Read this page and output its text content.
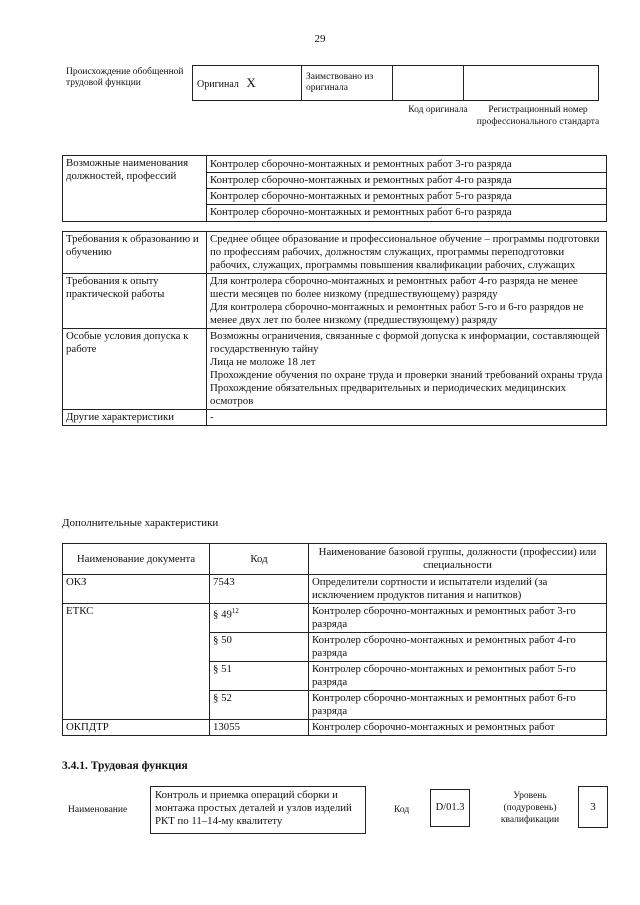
29
Происхождение обобщенной трудовой функции	Оригинал X	Заимствовано из оригинала		
Код оригинала	Регистрационный номер профессионального стандарта
Возможные наименования должностей, профессий	
Контролер сборочно-монтажных и ремонтных работ 3-го разряда
Контролер сборочно-монтажных и ремонтных работ 4-го разряда
Контролер сборочно-монтажных и ремонтных работ 5-го разряда
Контролер сборочно-монтажных и ремонтных работ 6-го разряда
Требования к образованию и обучению	Среднее общее образование и профессиональное обучение – программы подготовки по профессиям рабочих, должностям служащих, программы переподготовки рабочих, служащих, программы повышения квалификации рабочих, служащих
Требования к опыту практической работы	Для контролера сборочно-монтажных и ремонтных работ 4-го разряда не менее шести месяцев по более низкому (предшествующему) разряду
Для контролера сборочно-монтажных и ремонтных работ 5-го и 6-го разрядов не менее двух лет по более низкому (предшествующему) разряду

Особые условия допуска к работе	Возможны ограничения, связанные с формой допуска к информации, составляющей государственную тайну
Лица не моложе 18 лет
Прохождение обучения по охране труда и проверки знаний требований охраны труда
Прохождение обязательных предварительных и периодических медицинских осмотров

Другие характеристики	-
Дополнительные характеристики
Наименование документа	Код	Наименование базовой группы, должности (профессии) или специальности
ОКЗ	7543	Определители сортности и испытатели изделий (за исключением продуктов питания и напитков)
ЕТКС	§ $49^{12}$	Контролер сборочно-монтажных и ремонтных работ 3-го разряда
	§ 50	Контролер сборочно-монтажных и ремонтных работ 4-го разряда
	§ 51	Контролер сборочно-монтажных и ремонтных работ 5-го разряда
	§ 52	Контролер сборочно-монтажных и ремонтных работ 6-го разряда
ОКПДТР	13055	Контролер сборочно-монтажных и ремонтных работ
3.4.1. Трудовая функция
Наименование
Контроль и приемка операций сборки и монтажа простых деталей и узлов изделий РКТ по 11–14-му квалитету
Код	D/01.3
Уровень (подуровень) квалификации
3
